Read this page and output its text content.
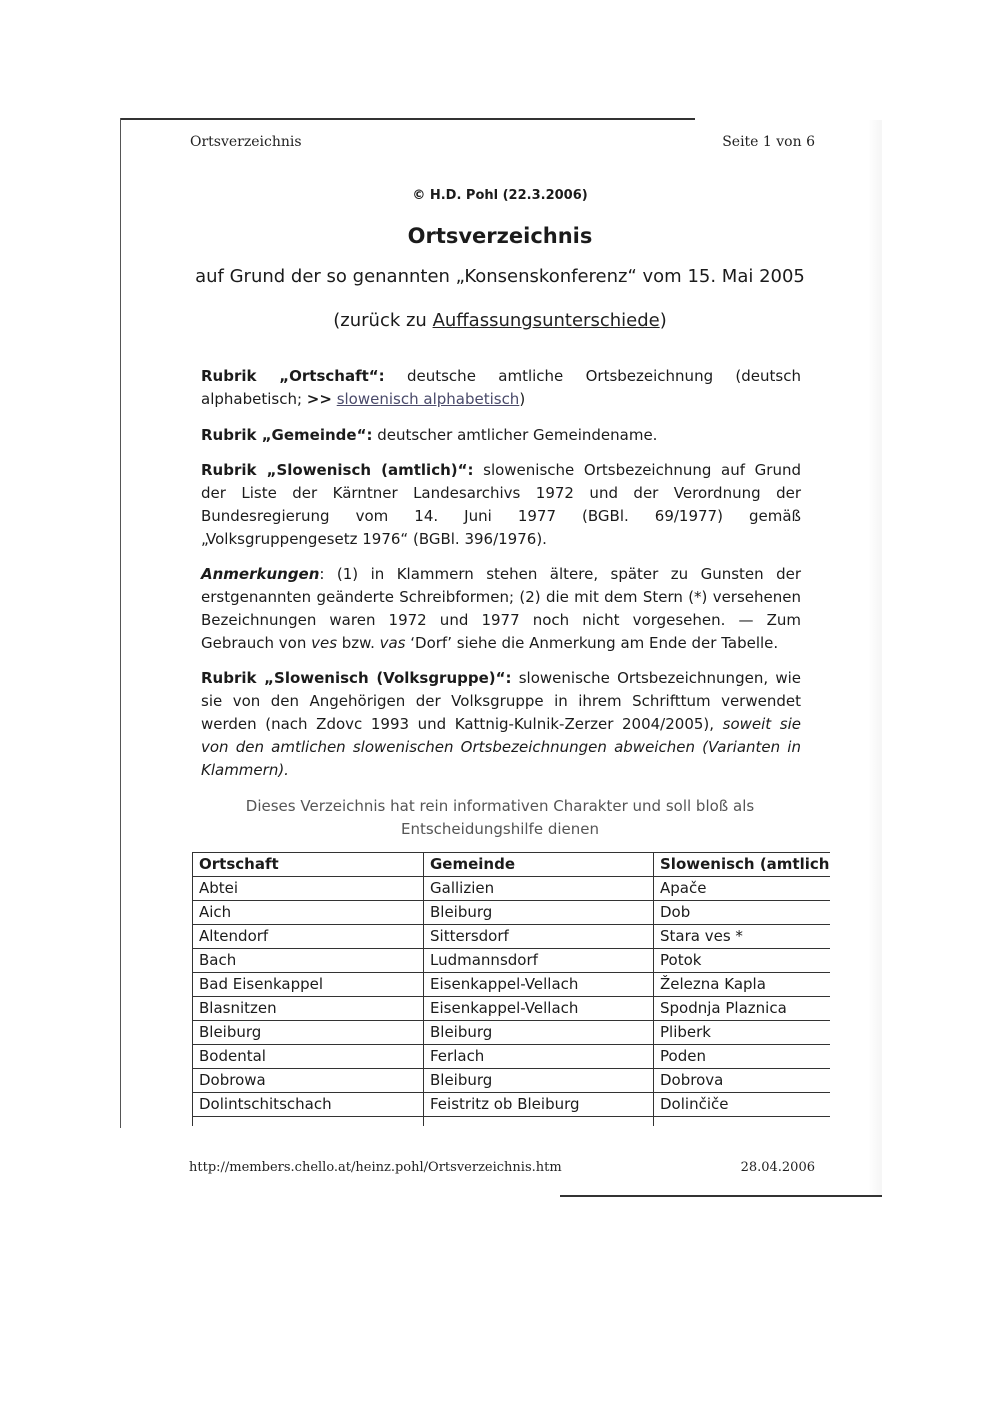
Ortsverzeichnis	Seite 1 von 6
© H.D. Pohl (22.3.2006)
Ortsverzeichnis
auf Grund der so genannten „Konsenskonferenz“ vom 15. Mai 2005
(zurück zu Auffassungsunterschiede)
Rubrik „Ortschaft“: deutsche amtliche Ortsbezeichnung (deutsch alphabetisch; >> slowenisch alphabetisch)
Rubrik „Gemeinde“: deutscher amtlicher Gemeindename.
Rubrik „Slowenisch (amtlich)“: slowenische Ortsbezeichnung auf Grund der Liste der Kärntner Landesarchivs 1972 und der Verordnung der Bundesregierung vom 14. Juni 1977 (BGBl. 69/1977) gemäß „Volksgruppengesetz 1976“ (BGBl. 396/1976).
Anmerkungen: (1) in Klammern stehen ältere, später zu Gunsten der erstgenannten geänderte Schreibformen; (2) die mit dem Stern (*) versehenen Bezeichnungen waren 1972 und 1977 noch nicht vorgesehen. — Zum Gebrauch von ves bzw. vas ‘Dorf’ siehe die Anmerkung am Ende der Tabelle.
Rubrik „Slowenisch (Volksgruppe)“: slowenische Ortsbezeichnungen, wie sie von den Angehörigen der Volksgruppe in ihrem Schrifttum verwendet werden (nach Zdovc 1993 und Kattnig-Kulnik-Zerzer 2004/2005), soweit sie von den amtlichen slowenischen Ortsbezeichnungen abweichen (Varianten in Klammern).
Dieses Verzeichnis hat rein informativen Charakter und soll bloß als Entscheidungshilfe dienen
Ortschaft	Gemeinde	Slowenisch (amtlich
Abtei	Gallizien	Apače
Aich	Bleiburg	Dob
Altendorf	Sittersdorf	Stara ves *
Bach	Ludmannsdorf	Potok
Bad Eisenkappel	Eisenkappel-Vellach	Železna Kapla
Blasnitzen	Eisenkappel-Vellach	Spodnja Plaznica
Bleiburg	Bleiburg	Pliberk
Bodental	Ferlach	Poden
Dobrowa	Bleiburg	Dobrova
Dolintschitschach	Feistritz ob Bleiburg	Dolinčiče
http://members.chello.at/heinz.pohl/Ortsverzeichnis.htm	28.04.2006
